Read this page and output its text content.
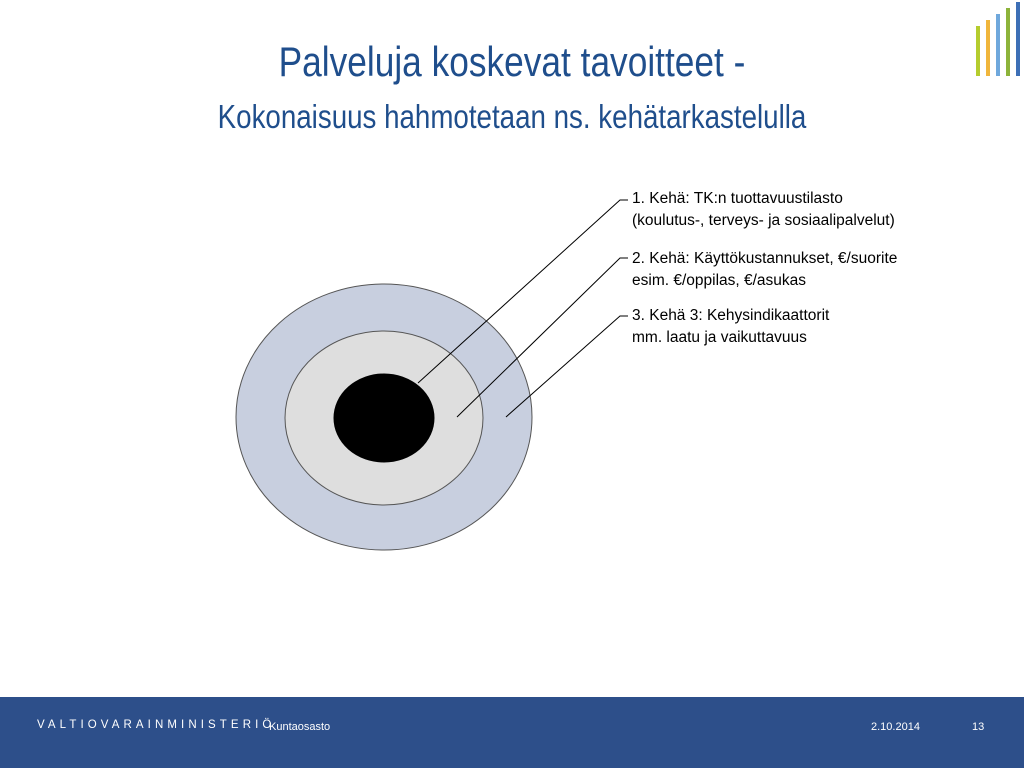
Palveluja koskevat tavoitteet -
Kokonaisuus hahmotetaan ns. kehätarkastelulla
1. Kehä: TK:n tuottavuustilasto
(koulutus-, terveys- ja sosiaalipalvelut)
2. Kehä: Käyttökustannukset, €/suorite
esim. €/oppilas, €/asukas
3. Kehä 3: Kehysindikaattorit
mm. laatu ja vaikuttavuus
VALTIOVARAINMINISTERIÖ
Kuntaosasto	2.10.2014	13
